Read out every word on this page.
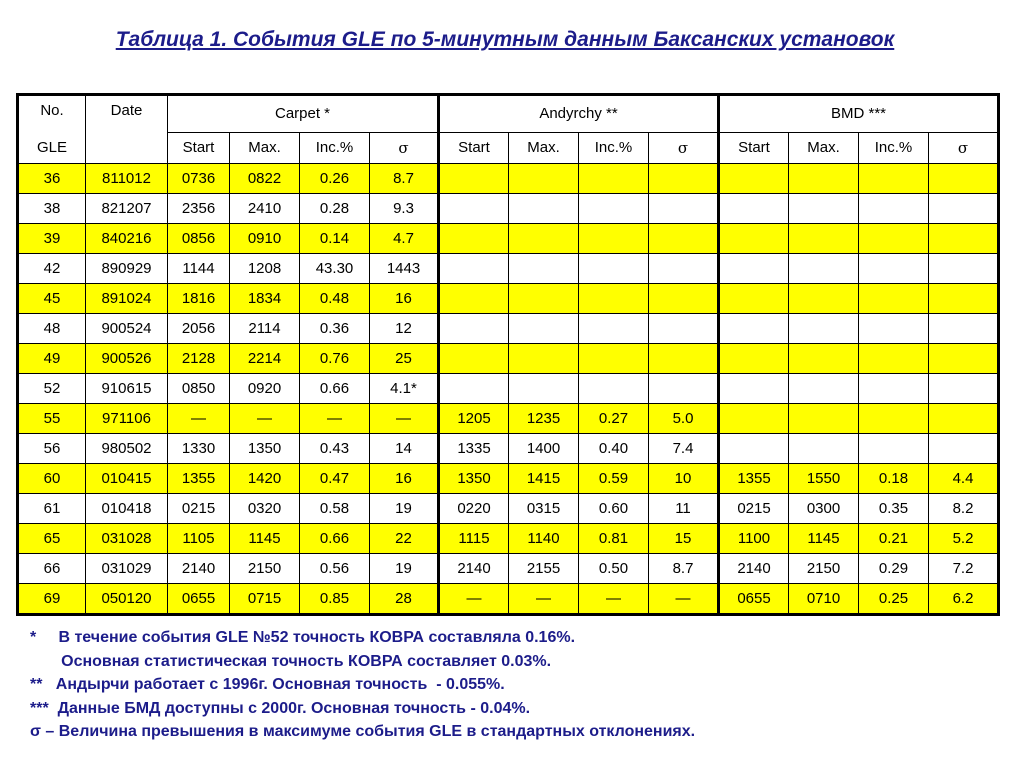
Таблица 1. События GLE по 5-минутным данным Баксанских установок
No.	Date	Carpet *				Andyrchy **				BMD ***			
GLE		Start	Max.	Inc.%	σ	Start	Max.	Inc.%	σ	Start	Max.	Inc.%	σ
36	811012	0736	0822	0.26	8.7								
38	821207	2356	2410	0.28	9.3								
39	840216	0856	0910	0.14	4.7								
42	890929	1144	1208	43.30	1443								
45	891024	1816	1834	0.48	16								
48	900524	2056	2114	0.36	12								
49	900526	2128	2214	0.76	25								
52	910615	0850	0920	0.66	4.1*								
55	971106	—	—	—	—	1205	1235	0.27	5.0				
56	980502	1330	1350	0.43	14	1335	1400	0.40	7.4				
60	010415	1355	1420	0.47	16	1350	1415	0.59	10	1355	1550	0.18	4.4
61	010418	0215	0320	0.58	19	0220	0315	0.60	11	0215	0300	0.35	8.2
65	031028	1105	1145	0.66	22	1115	1140	0.81	15	1100	1145	0.21	5.2
66	031029	2140	2150	0.56	19	2140	2155	0.50	8.7	2140	2150	0.29	7.2
69	050120	0655	0715	0.85	28	—	—	—	—	0655	0710	0.25	6.2
*     В течение события GLE №52 точность КОВРА составляла 0.16%.
Основная статистическая точность КОВРА составляет 0.03%.
**   Андырчи работает с 1996г. Основная точность  - 0.055%.
***  Данные БМД доступны с 2000г. Основная точность - 0.04%.
σ – Величина превышения в максимуме события GLE в стандартных отклонениях.
